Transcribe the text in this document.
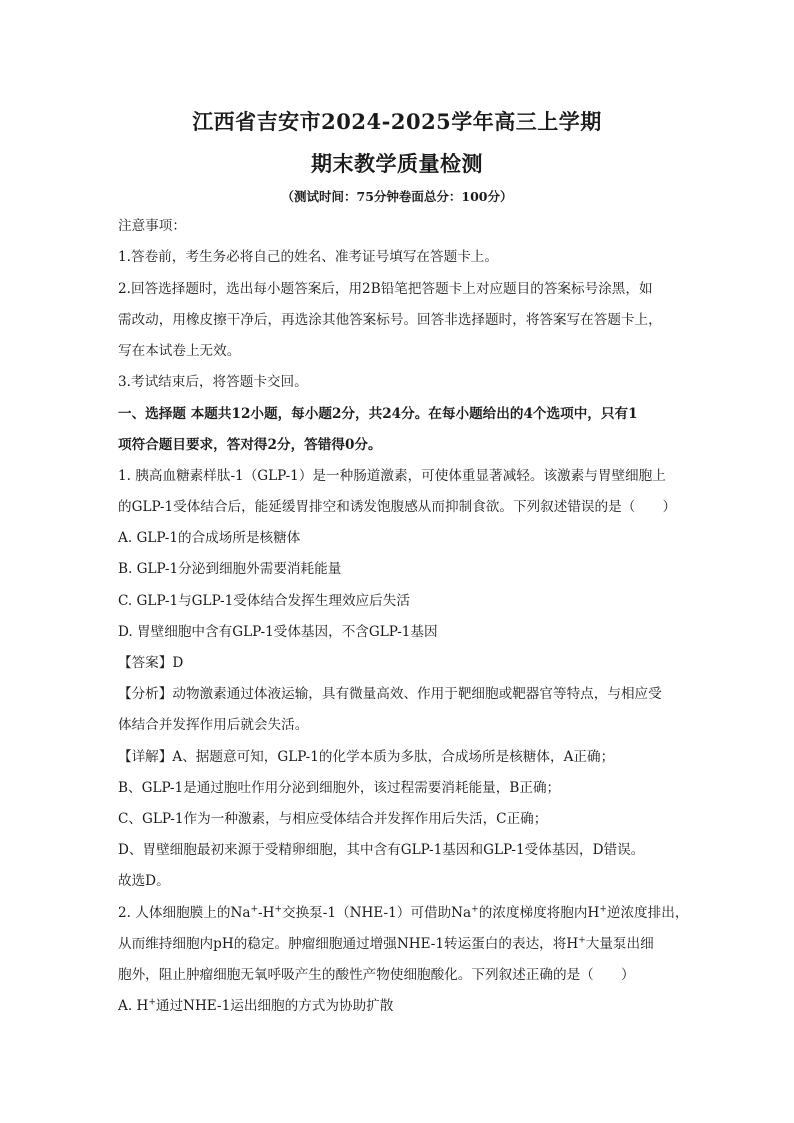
江西省吉安市2024-2025学年高三上学期
期末教学质量检测
（测试时间：75分钟卷面总分：100分）
注意事项：
1.答卷前，考生务必将自己的姓名、准考证号填写在答题卡上。
2.回答选择题时，选出每小题答案后，用2B铅笔把答题卡上对应题目的答案标号涂黑，如
需改动，用橡皮擦干净后，再选涂其他答案标号。回答非选择题时，将答案写在答题卡上，
写在本试卷上无效。
3.考试结束后，将答题卡交回。
一、选择题 本题共12小题，每小题2分，共24分。在每小题给出的4个选项中，只有1
项符合题目要求，答对得2分，答错得0分。
1. 胰高血糖素样肽-1（GLP-1）是一种肠道激素，可使体重显著减轻。该激素与胃壁细胞上
的GLP-1受体结合后，能延缓胃排空和诱发饱腹感从而抑制食欲。下列叙述错误的是（　　）
A. GLP-1的合成场所是核糖体
B. GLP-1分泌到细胞外需要消耗能量
C. GLP-1与GLP-1受体结合发挥生理效应后失活
D. 胃壁细胞中含有GLP-1受体基因，不含GLP-1基因
【答案】D
【分析】动物激素通过体液运输，具有微量高效、作用于靶细胞或靶器官等特点，与相应受
体结合并发挥作用后就会失活。
【详解】A、据题意可知，GLP-1的化学本质为多肽，合成场所是核糖体，A正确；
B、GLP-1是通过胞吐作用分泌到细胞外，该过程需要消耗能量，B正确；
C、GLP-1作为一种激素，与相应受体结合并发挥作用后失活，C正确；
D、胃壁细胞最初来源于受精卵细胞，其中含有GLP-1基因和GLP-1受体基因，D错误。
故选D。
2. 人体细胞膜上的Na+-H+交换泵-1（NHE-1）可借助Na+的浓度梯度将胞内H+逆浓度排出，
从而维持细胞内pH的稳定。肿瘤细胞通过增强NHE-1转运蛋白的表达，将H+大量泵出细
胞外，阻止肿瘤细胞无氧呼吸产生的酸性产物使细胞酸化。下列叙述正确的是（　　）
A. H+通过NHE-1运出细胞的方式为协助扩散
